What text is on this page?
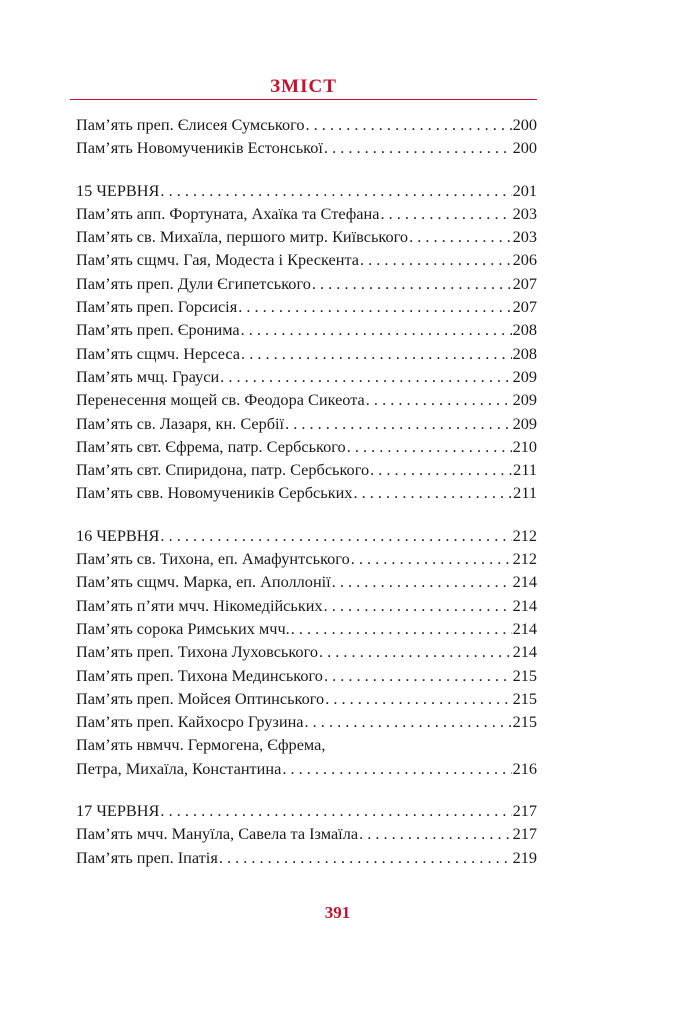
ЗМІСТ
Пам’ять преп. Єлисея Сумського . . .	200
Пам’ять Новомучеників Естонської . . .	200
15 ЧЕРВНЯ . . .	201
Пам’ять апп. Фортуната, Ахаїка та Стефана . . .	203
Пам’ять св. Михаїла, першого митр. Київського . . .	203
Пам’ять сщмч. Гая, Модеста і Крескента . . .	206
Пам’ять преп. Дули Єгипетського . . .	207
Пам’ять преп. Горсисія . . .	207
Пам’ять преп. Єронима . . .	208
Пам’ять сщмч. Нерсеса . . .	208
Пам’ять мчц. Грауси . . .	209
Перенесення мощей св. Феодора Сикеота . . .	209
Пам’ять св. Лазаря, кн. Сербії . . .	209
Пам’ять свт. Єфрема, патр. Сербського . . .	210
Пам’ять свт. Спиридона, патр. Сербського . . .	211
Пам’ять свв. Новомучеників Сербських . . .	211
16 ЧЕРВНЯ . . .	212
Пам’ять св. Тихона, еп. Амафунтського . . .	212
Пам’ять сщмч. Марка, еп. Аполлонії . . .	214
Пам’ять п’яти мчч. Нікомедійських . . .	214
Пам’ять сорока Римських мчч. . . .	214
Пам’ять преп. Тихона Луховського . . .	214
Пам’ять преп. Тихона Мединського . . .	215
Пам’ять преп. Мойсея Оптинського . . .	215
Пам’ять преп. Кайхосро Грузина . . .	215
Пам’ять нвмчч. Гермогена, Єфрема,
Петра, Михаїла, Константина . . .	216
17 ЧЕРВНЯ . . .	217
Пам’ять мчч. Мануїла, Савела та Ізмаїла . . .	217
Пам’ять преп. Іпатія . . .	219
391
